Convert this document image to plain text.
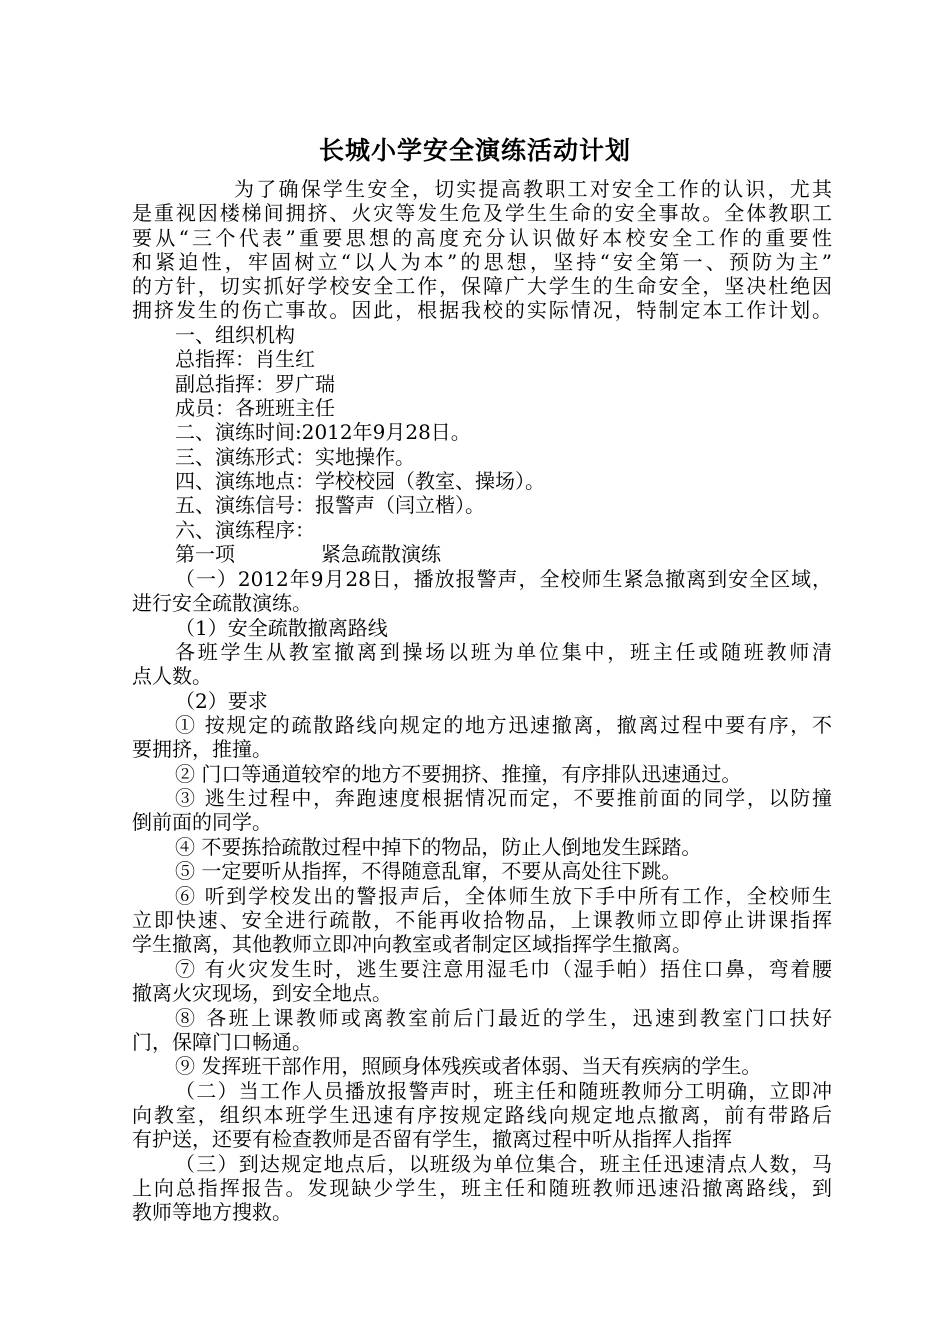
长城小学安全演练活动计划
为了确保学生安全，切实提高教职工对安全工作的认识，尤其
是重视因楼梯间拥挤、火灾等发生危及学生生命的安全事故。全体教职工
要从“三个代表”重要思想的高度充分认识做好本校安全工作的重要性
和紧迫性，牢固树立“以人为本”的思想，坚持“安全第一、预防为主”
的方针，切实抓好学校安全工作，保障广大学生的生命安全，坚决杜绝因
拥挤发生的伤亡事故。因此，根据我校的实际情况，特制定本工作计划。
一、组织机构
总指挥：肖生红
副总指挥：罗广瑞
成员：各班班主任
二、演练时间:2012年9月28日。
三、演练形式：实地操作。
四、演练地点：学校校园（教室、操场）。
五、演练信号：报警声（闫立楷）。
六、演练程序：
第一项	紧急疏散演练
（一）2012年9月28日，播放报警声，全校师生紧急撤离到安全区域，
进行安全疏散演练。
（1）安全疏散撤离路线
各班学生从教室撤离到操场以班为单位集中，班主任或随班教师清
点人数。
（2）要求
① 按规定的疏散路线向规定的地方迅速撤离，撤离过程中要有序，不
要拥挤，推撞。
② 门口等通道较窄的地方不要拥挤、推撞，有序排队迅速通过。
③ 逃生过程中，奔跑速度根据情况而定，不要推前面的同学，以防撞
倒前面的同学。
④ 不要拣拾疏散过程中掉下的物品，防止人倒地发生踩踏。
⑤ 一定要听从指挥，不得随意乱窜，不要从高处往下跳。
⑥ 听到学校发出的警报声后，全体师生放下手中所有工作，全校师生
立即快速、安全进行疏散，不能再收拾物品，上课教师立即停止讲课指挥
学生撤离，其他教师立即冲向教室或者制定区域指挥学生撤离。
⑦ 有火灾发生时，逃生要注意用湿毛巾（湿手帕）捂住口鼻，弯着腰
撤离火灾现场，到安全地点。
⑧ 各班上课教师或离教室前后门最近的学生，迅速到教室门口扶好
门，保障门口畅通。
⑨ 发挥班干部作用，照顾身体残疾或者体弱、当天有疾病的学生。
（二）当工作人员播放报警声时，班主任和随班教师分工明确，立即冲
向教室，组织本班学生迅速有序按规定路线向规定地点撤离，前有带路后
有护送，还要有检查教师是否留有学生，撤离过程中听从指挥人指挥
（三）到达规定地点后，以班级为单位集合，班主任迅速清点人数，马
上向总指挥报告。发现缺少学生，班主任和随班教师迅速沿撤离路线，到
教师等地方搜救。
